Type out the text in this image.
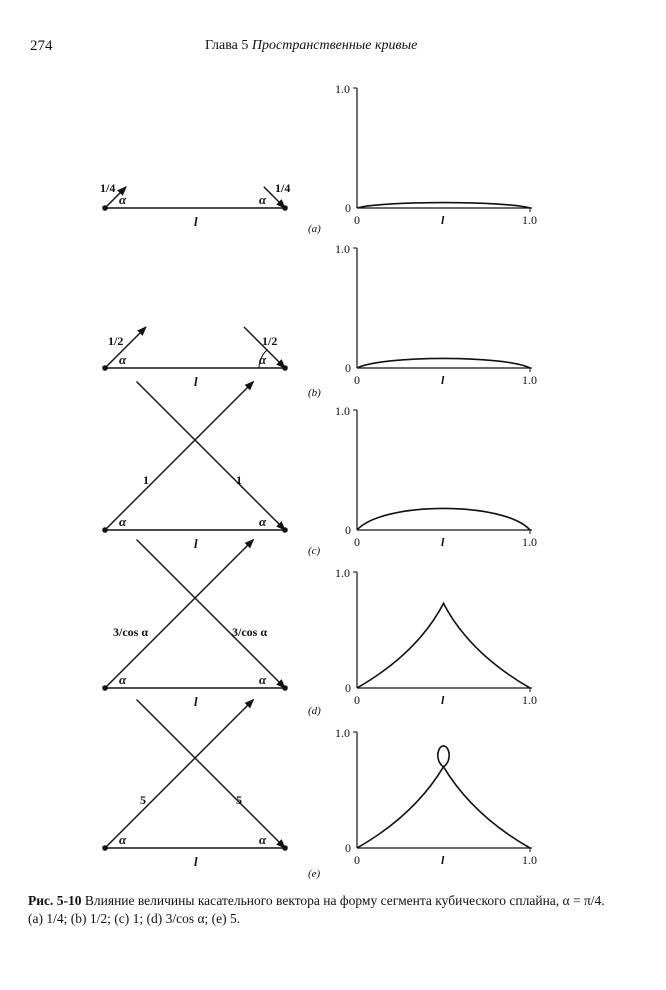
274	Глава 5 Пространственные кривые
1/4	1/4
α	α
l	(a)
1.0
0
0	l	1.0
1/2	1/2
α	α
l
(b)
1.0
0
0	l	1.0
1	1
α	α
l	(c)
1.0
0
0	l	1.0
3/cos α	3/cos α
α	α
l
(d)
1.0
0
0	l	1.0
5	5
α	α
l
(e)
1.0
0
0	l	1.0
Рис. 5-10 Влияние величины касательного вектора на форму сегмента кубического сплайна, α = π/4. (a) 1/4; (b) 1/2; (c) 1; (d) 3/cos α; (e) 5.
